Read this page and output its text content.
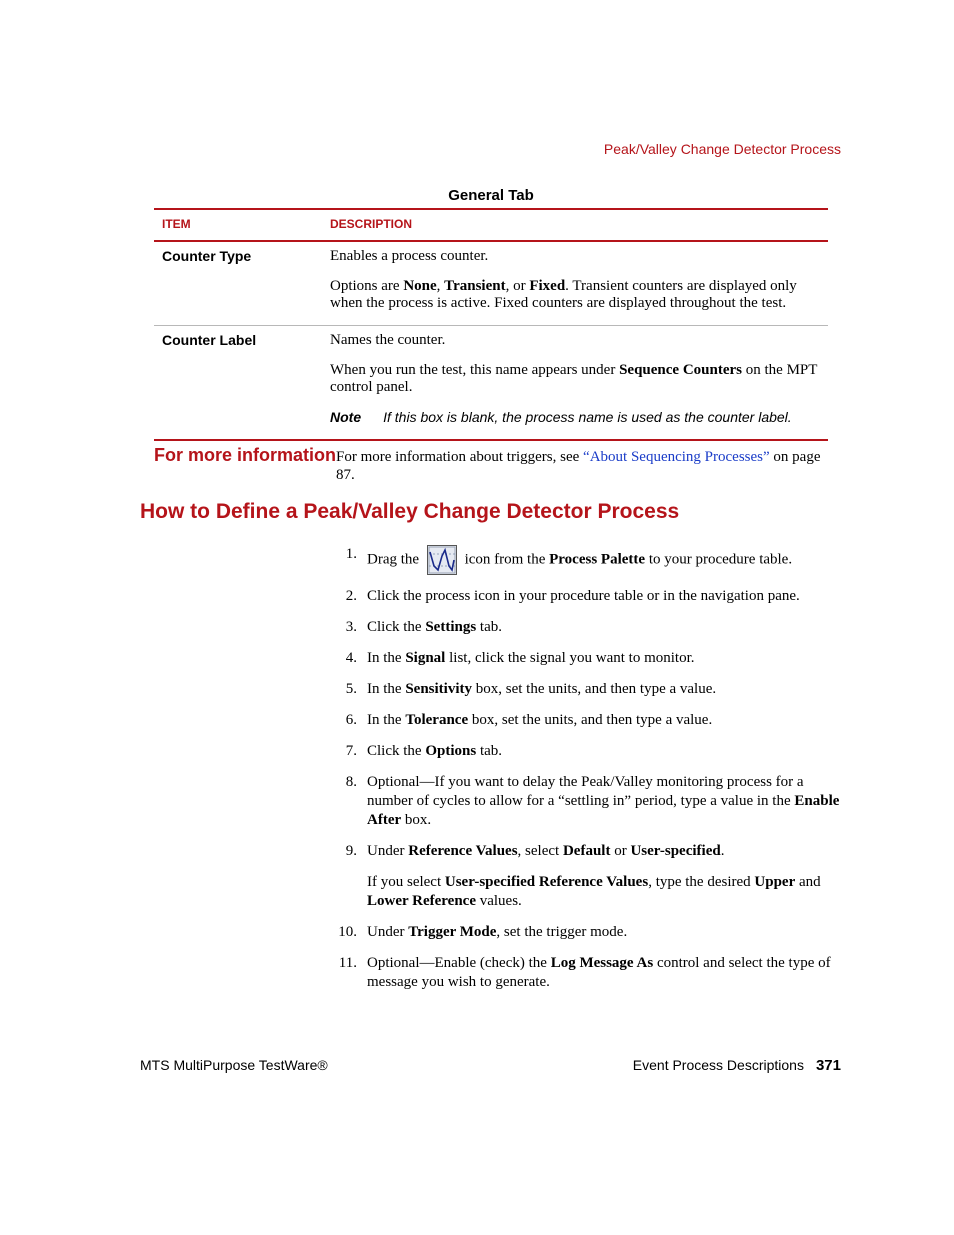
Peak/Valley Change Detector Process
General Tab
ITEM	DESCRIPTION
Counter Type	Enables a process counter.

Options are None, Transient, or Fixed. Transient counters are displayed only when the process is active. Fixed counters are displayed throughout the test.

Counter Label	Names the counter.

When you run the test, this name appears under Sequence Counters on the MPT control panel.

Note If this box is blank, the process name is used as the counter label.

For more information For more information about triggers, see “About Sequencing Processes” on page 87.
How to Define a Peak/Valley Change Detector Process
1. Drag the	icon from the Process Palette to your procedure table.

2. Click the process icon in your procedure table or in the navigation pane.

3. Click the Settings tab.

4. In the Signal list, click the signal you want to monitor.

5. In the Sensitivity box, set the units, and then type a value.

6. In the Tolerance box, set the units, and then type a value.

7. Click the Options tab.

8. Optional—If you want to delay the Peak/Valley monitoring process for a number of cycles to allow for a “settling in” period, type a value in the Enable After box.

9. Under Reference Values, select Default or User-specified.

If you select User-specified Reference Values, type the desired Upper and Lower Reference values.

10. Under Trigger Mode, set the trigger mode.

11. Optional—Enable (check) the Log Message As control and select the type of message you wish to generate.

MTS MultiPurpose TestWare®	Event Process Descriptions 371
